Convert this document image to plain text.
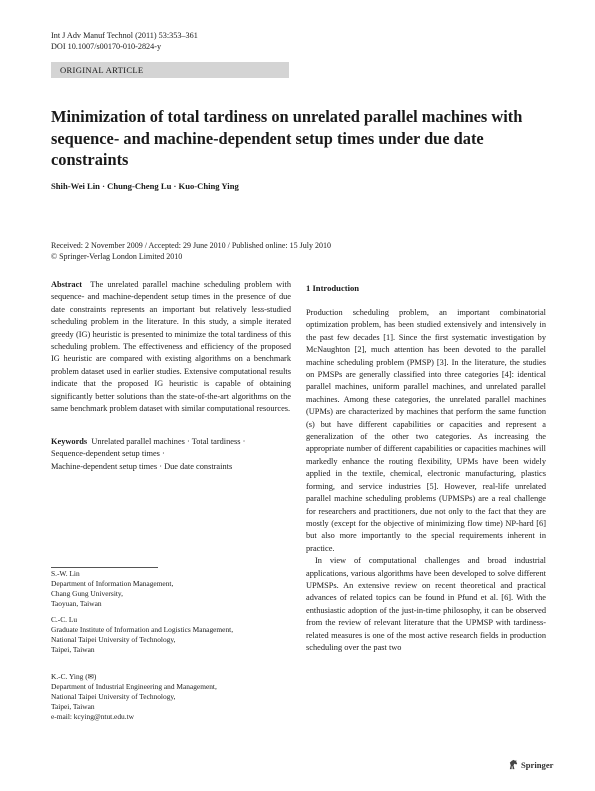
Int J Adv Manuf Technol (2011) 53:353–361
DOI 10.1007/s00170-010-2824-y
ORIGINAL ARTICLE
Minimization of total tardiness on unrelated parallel machines with sequence- and machine-dependent setup times under due date constraints
Shih-Wei Lin · Chung-Cheng Lu · Kuo-Ching Ying
Received: 2 November 2009 / Accepted: 29 June 2010 / Published online: 15 July 2010
© Springer-Verlag London Limited 2010

Abstract The unrelated parallel machine scheduling problem with sequence- and machine-dependent setup times in the presence of due date constraints represents an important but relatively less-studied scheduling problem in the literature. In this study, a simple iterated greedy (IG) heuristic is presented to minimize the total tardiness of this scheduling problem. The effectiveness and efficiency of the proposed IG heuristic are compared with existing algorithms on a benchmark problem dataset used in earlier studies. Extensive computational results indicate that the proposed IG heuristic is capable of obtaining significantly better solutions than the state-of-the-art algorithms on the same benchmark problem dataset with similar computational resources.

Keywords Unrelated parallel machines · Total tardiness ·
Sequence-dependent setup times ·
Machine-dependent setup times · Due date constraints
S.-W. Lin
Department of Information Management,
Chang Gung University,
Taoyuan, Taiwan
C.-C. Lu
Graduate Institute of Information and Logistics Management,
National Taipei University of Technology,
Taipei, Taiwan
K.-C. Ying (✉)
Department of Industrial Engineering and Management,
National Taipei University of Technology,
Taipei, Taiwan
e-mail: kcying@ntut.edu.tw
1 Introduction

Production scheduling problem, an important combinatorial optimization problem, has been studied extensively and intensively in the past few decades [1]. Since the first systematic investigation by McNaughton [2], much attention has been devoted to the parallel machine scheduling problem (PMSP) [3]. In the literature, the studies on PMSPs are generally classified into three categories [4]: identical parallel machines, uniform parallel machines, and unrelated parallel machines. Among these categories, the unrelated parallel machines (UPMs) are characterized by machines that perform the same function (s) but have different capabilities or capacities and represent a generalization of the other two categories. As increasing the appropriate number of different capabilities or capacities machines will markedly enhance the routing flexibility, UPMs have been widely applied in the textile, chemical, electronic manufacturing, plastics forming, and service industries [5]. However, real-life unrelated parallel machine scheduling problems (UPMSPs) are a real challenge for researchers and practitioners, due not only to the fact that they are mostly (except for the objective of minimizing flow time) NP-hard [6] but also more importantly to the special requirements inherent in practice.

In view of computational challenges and broad industrial applications, various algorithms have been developed to solve different UPMSPs. An extensive review on recent theoretical and practical advances of related topics can be found in Pfund et al. [6]. With the enthusiastic adoption of the just-in-time philosophy, it can be observed from the review of relevant literature that the UPMSP with tardiness-related measures is one of the most active research fields in production scheduling over the past two

Springer
